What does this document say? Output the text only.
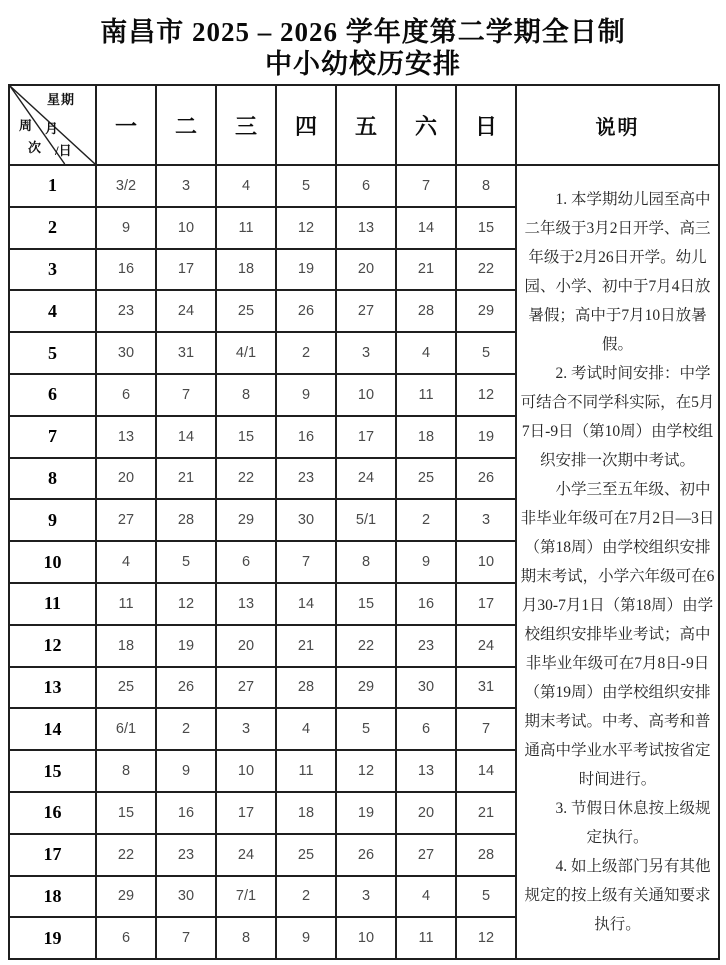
南昌市 2025 – 2026 学年度第二学期全日制
中小幼校历安排
星期
周
次
月
/日	一	二	三	四	五	六	日	说明
1	3/2	3	4	5	6	7	8	1. 本学期幼儿园至高中二年级于3月2日开学、高三年级于2月26日开学。幼儿园、小学、初中于7月4日放暑假；高中于7月10日放暑假。

2. 考试时间安排：中学可结合不同学科实际，在5月7日-9日（第10周）由学校组织安排一次期中考试。

小学三至五年级、初中非毕业年级可在7月2日—3日（第18周）由学校组织安排期末考试，小学六年级可在6月30-7月1日（第18周）由学校组织安排毕业考试；高中非毕业年级可在7月8日-9日（第19周）由学校组织安排期末考试。中考、高考和普通高中学业水平考试按省定时间进行。

3. 节假日休息按上级规定执行。

4. 如上级部门另有其他规定的按上级有关通知要求执行。

2	9	10	11	12	13	14	15	
3	16	17	18	19	20	21	22	
4	23	24	25	26	27	28	29	
5	30	31	4/1	2	3	4	5	
6	6	7	8	9	10	11	12	
7	13	14	15	16	17	18	19	
8	20	21	22	23	24	25	26	
9	27	28	29	30	5/1	2	3	
10	4	5	6	7	8	9	10	
11	11	12	13	14	15	16	17	
12	18	19	20	21	22	23	24	
13	25	26	27	28	29	30	31	
14	6/1	2	3	4	5	6	7	
15	8	9	10	11	12	13	14	
16	15	16	17	18	19	20	21	
17	22	23	24	25	26	27	28	
18	29	30	7/1	2	3	4	5	
19	6	7	8	9	10	11	12	
